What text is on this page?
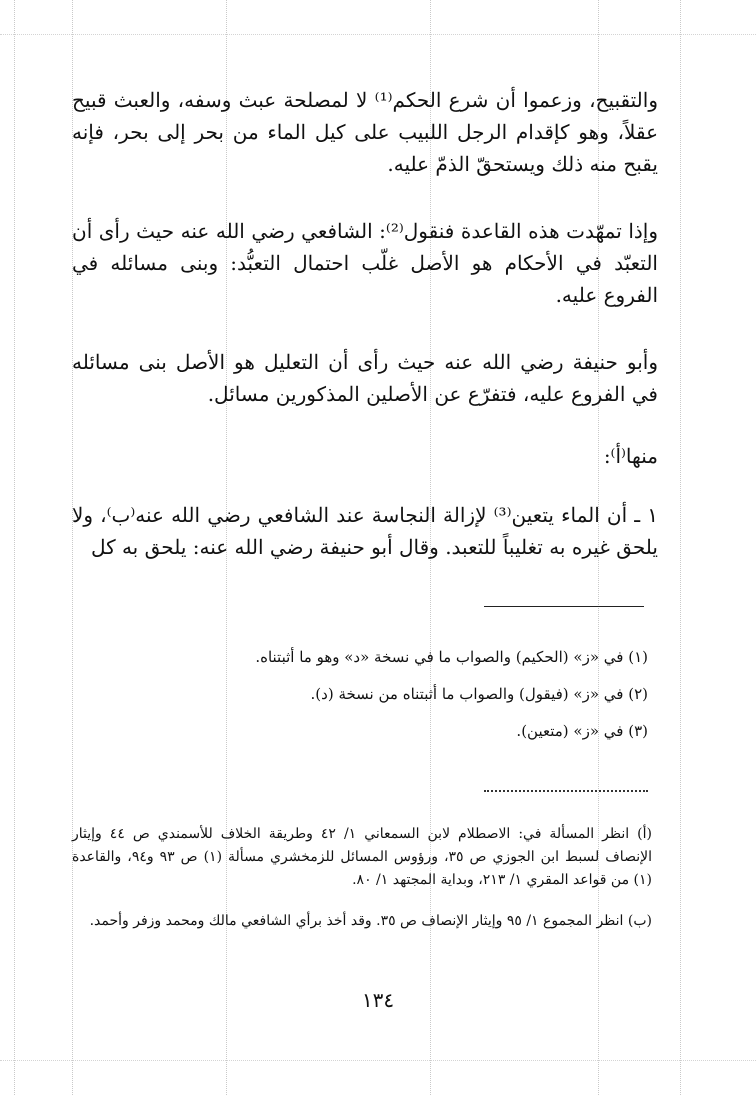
والتقبيح، وزعموا أن شرع الحكم⁽¹⁾ لا لمصلحة عبث وسفه، والعبث قبيح عقلاً، وهو كإقدام الرجل اللبيب على كيل الماء من بحر إلى بحر، فإنه يقبح منه ذلك ويستحقّ الذمّ عليه.

وإذا تمهّدت هذه القاعدة فنقول⁽²⁾: الشافعي رضي الله عنه حيث رأى أن التعبّد في الأحكام هو الأصل غلّب احتمال التعبُّد: وبنى مسائله في الفروع عليه.

وأبو حنيفة رضي الله عنه حيث رأى أن التعليل هو الأصل بنى مسائله في الفروع عليه، فتفرّع عن الأصلين المذكورين مسائل.

منها⁽أ⁾:

١ ـ أن الماء يتعين⁽³⁾ لإزالة النجاسة عند الشافعي رضي الله عنه⁽ب⁾، ولا يلحق غيره به تغليباً للتعبد. وقال أبو حنيفة رضي الله عنه: يلحق به كل

(١) في «ز» (الحكيم) والصواب ما في نسخة «د» وهو ما أثبتناه.

(٢) في «ز» (فيقول) والصواب ما أثبتناه من نسخة (د).

(٣) في «ز» (متعين).

(أ) انظر المسألة في: الاصطلام لابن السمعاني ١/ ٤٢ وطريقة الخلاف للأسمندي ص ٤٤ وإيثار الإنصاف لسبط ابن الجوزي ص ٣٥، ورؤوس المسائل للزمخشري مسألة (١) ص ٩٣ و٩٤، والقاعدة (١) من قواعد المقري ١/ ٢١٣، وبداية المجتهد ١/ ٨٠.

(ب) انظر المجموع ١/ ٩٥ وإيثار الإنصاف ص ٣٥. وقد أخذ برأي الشافعي مالك ومحمد وزفر وأحمد.

١٣٤
